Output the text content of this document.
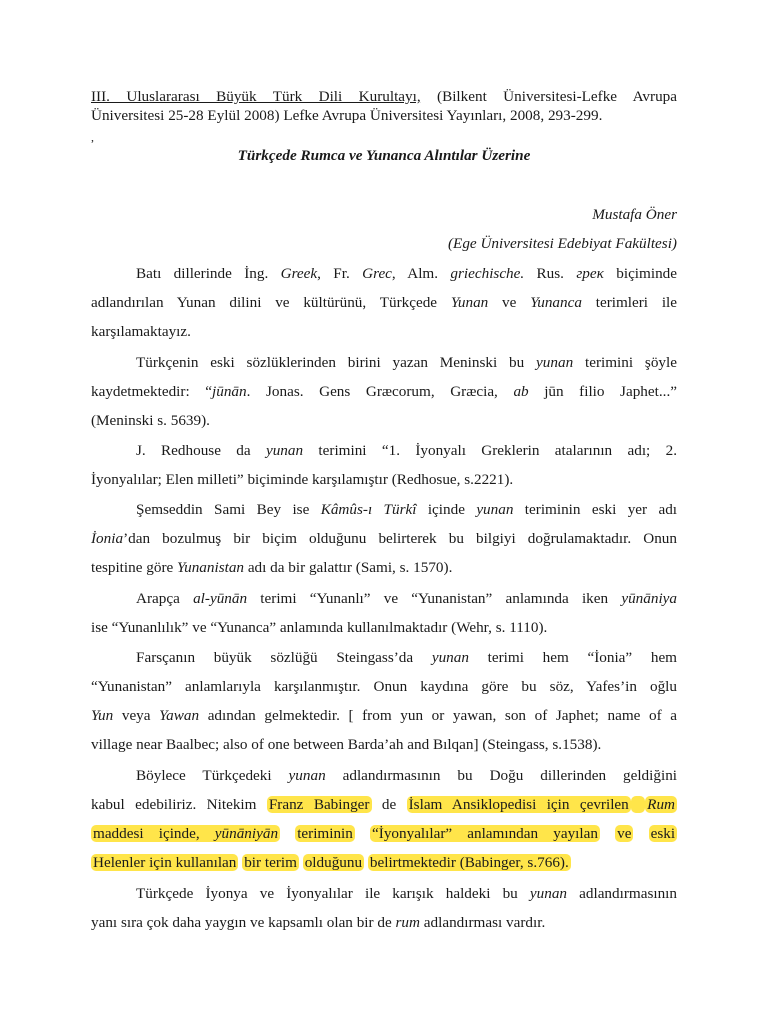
III. Uluslararası Büyük Türk Dili Kurultayı, (Bilkent Üniversitesi-Lefke Avrupa
Üniversitesi 25-28 Eylül 2008) Lefke Avrupa Üniversitesi Yayınları, 2008, 293-299.
,
Türkçede Rumca ve Yunanca Alıntılar Üzerine
Mustafa Öner
(Ege Üniversitesi Edebiyat Fakültesi)
Batı dillerinde İng. Greek, Fr. Grec, Alm. griechische. Rus. греκ biçiminde
adlandırılan Yunan dilini ve kültürünü, Türkçede Yunan ve Yunanca terimleri ile
karşılamaktayız.
Türkçenin eski sözlüklerinden birini yazan Meninski bu yunan terimini şöyle
kaydetmektedir: “jūnān. Jonas. Gens Græcorum, Græcia, ab jūn filio Japhet...”
(Meninski s. 5639).
J. Redhouse da yunan terimini “1. İyonyalı Greklerin atalarının adı; 2.
İyonyalılar; Elen milleti” biçiminde karşılamıştır (Redhosue, s.2221).
Şemseddin Sami Bey ise Kâmûs-ı Türkî içinde yunan teriminin eski yer adı
İonia’dan bozulmuş bir biçim olduğunu belirterek bu bilgiyi doğrulamaktadır. Onun
tespitine göre Yunanistan adı da bir galattır (Sami, s. 1570).
Arapça al-yūnān terimi “Yunanlı” ve “Yunanistan” anlamında iken yūnāniya
ise “Yunanlılık” ve “Yunanca” anlamında kullanılmaktadır (Wehr, s. 1110).
Farsçanın büyük sözlüğü Steingass’da yunan terimi hem “İonia” hem
“Yunanistan” anlamlarıyla karşılanmıştır. Onun kaydına göre bu söz, Yafes’in oğlu
Yun veya Yawan adından gelmektedir. [ from yun or yawan, son of Japhet; name of a
village near Baalbec; also of one between Barda’ah and Bılqan] (Steingass, s.1538).
Böylece Türkçedeki yunan adlandırmasının bu Doğu dillerinden geldiğini
kabul edebiliriz. Nitekim Franz Babinger de İslam Ansiklopedisi için çevrilen Rum
maddesi içinde, yūnāniyān teriminin “İyonyalılar” anlamından yayılan ve eski
Helenler için kullanılan bir terim olduğunu belirtmektedir (Babinger, s.766).
Türkçede İyonya ve İyonyalılar ile karışık haldeki bu yunan adlandırmasının
yanı sıra çok daha yaygın ve kapsamlı olan bir de rum adlandırması vardır.
